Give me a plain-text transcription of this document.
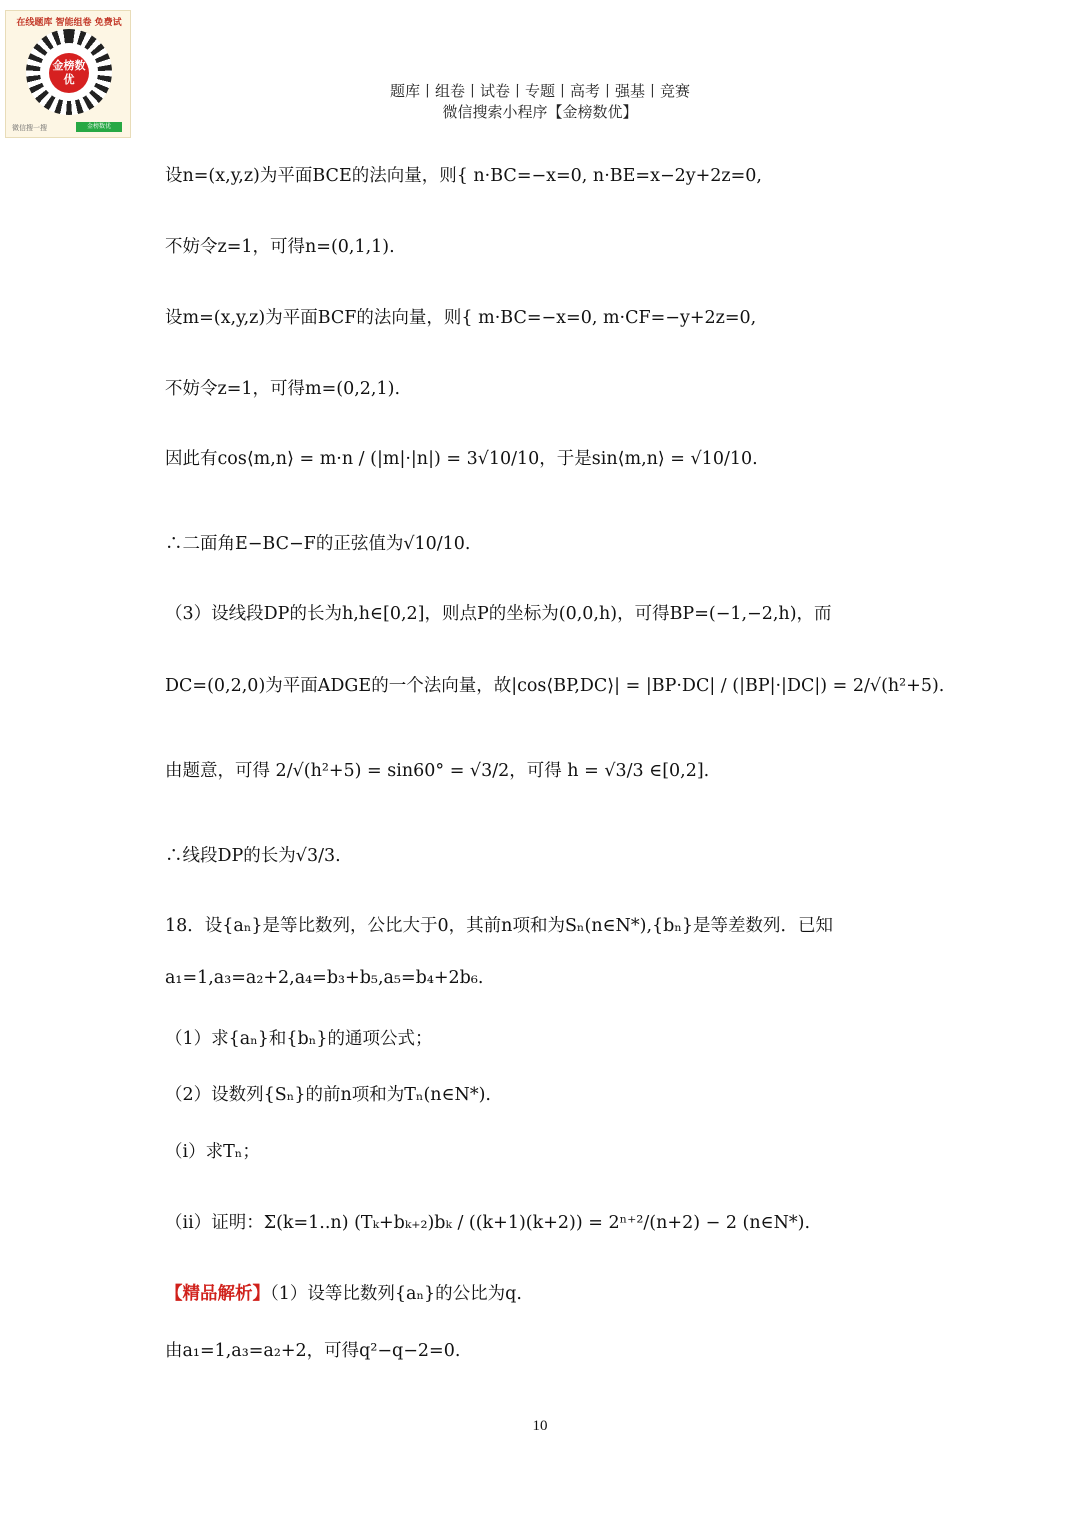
在线题库 智能组卷 免费试
金榜数优
微信搜一搜	金榜数优
题库丨组卷丨试卷丨专题丨高考丨强基丨竞赛
微信搜索小程序【金榜数优】
设n=(x,y,z)为平面BCE的法向量，则{ n·BC=−x=0, n·BE=x−2y+2z=0,
不妨令z=1，可得n=(0,1,1).
设m=(x,y,z)为平面BCF的法向量，则{ m·BC=−x=0, m·CF=−y+2z=0,
不妨令z=1，可得m=(0,2,1).
因此有cos⟨m,n⟩ = m·n / (|m|·|n|) = 3√10/10，于是sin⟨m,n⟩ = √10/10.
∴二面角E−BC−F的正弦值为√10/10.
（3）设线段DP的长为h,h∈[0,2]，则点P的坐标为(0,0,h)，可得BP=(−1,−2,h)，而
DC=(0,2,0)为平面ADGE的一个法向量，故|cos⟨BP,DC⟩| = |BP·DC| / (|BP|·|DC|) = 2/√(h²+5).
由题意，可得 2/√(h²+5) = sin60° = √3/2，可得 h = √3/3 ∈[0,2].
∴线段DP的长为√3/3.
18．设{aₙ}是等比数列，公比大于0，其前n项和为Sₙ(n∈N*),{bₙ}是等差数列．已知
a₁=1,a₃=a₂+2,a₄=b₃+b₅,a₅=b₄+2b₆.
（1）求{aₙ}和{bₙ}的通项公式；
（2）设数列{Sₙ}的前n项和为Tₙ(n∈N*).
（i）求Tₙ；
（ii）证明：Σ(k=1..n) (Tₖ+bₖ₊₂)bₖ / ((k+1)(k+2)) = 2ⁿ⁺²/(n+2) − 2 (n∈N*).
【精品解析】（1）设等比数列{aₙ}的公比为q.
由a₁=1,a₃=a₂+2，可得q²−q−2=0.
10
